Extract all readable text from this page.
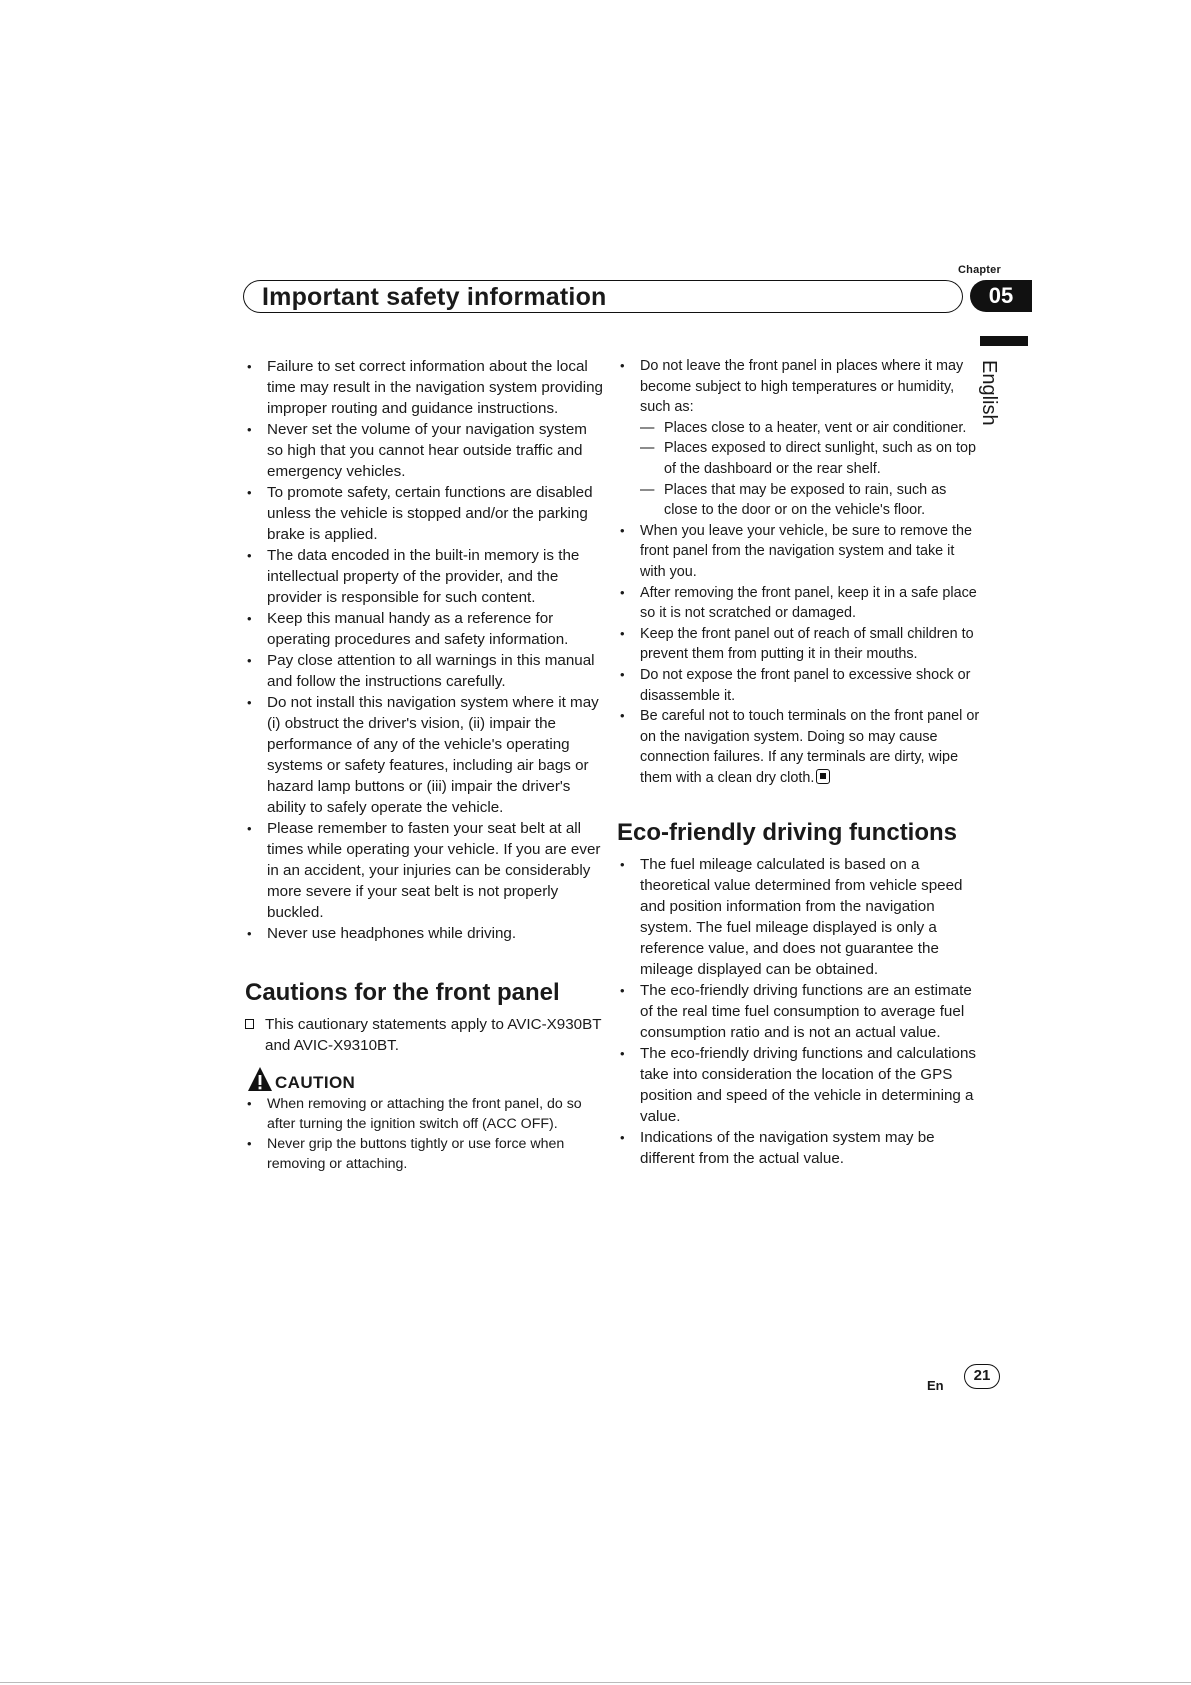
Chapter
Important safety information	05
English
• Failure to set correct information about the local time may result in the navigation system providing improper routing and guidance instructions.
• Never set the volume of your navigation system so high that you cannot hear outside traffic and emergency vehicles.
• To promote safety, certain functions are disabled unless the vehicle is stopped and/or the parking brake is applied.
• The data encoded in the built-in memory is the intellectual property of the provider, and the provider is responsible for such content.
• Keep this manual handy as a reference for operating procedures and safety information.
• Pay close attention to all warnings in this manual and follow the instructions carefully.
• Do not install this navigation system where it may (i) obstruct the driver's vision, (ii) impair the performance of any of the vehicle's operating systems or safety features, including air bags or hazard lamp buttons or (iii) impair the driver's ability to safely operate the vehicle.
• Please remember to fasten your seat belt at all times while operating your vehicle. If you are ever in an accident, your injuries can be considerably more severe if your seat belt is not properly buckled.
• Never use headphones while driving.
Cautions for the front panel
This cautionary statements apply to AVIC-X930BT and AVIC-X9310BT.
CAUTION
• When removing or attaching the front panel, do so after turning the ignition switch off (ACC OFF).
• Never grip the buttons tightly or use force when removing or attaching.
• Do not leave the front panel in places where it may become subject to high temperatures or humidity, such as:
— Places close to a heater, vent or air conditioner.
— Places exposed to direct sunlight, such as on top of the dashboard or the rear shelf.
— Places that may be exposed to rain, such as close to the door or on the vehicle's floor.
• When you leave your vehicle, be sure to remove the front panel from the navigation system and take it with you.
• After removing the front panel, keep it in a safe place so it is not scratched or damaged.
• Keep the front panel out of reach of small children to prevent them from putting it in their mouths.
• Do not expose the front panel to excessive shock or disassemble it.
• Be careful not to touch terminals on the front panel or on the navigation system. Doing so may cause connection failures. If any terminals are dirty, wipe them with a clean dry cloth.
Eco-friendly driving functions
• The fuel mileage calculated is based on a theoretical value determined from vehicle speed and position information from the navigation system. The fuel mileage displayed is only a reference value, and does not guarantee the mileage displayed can be obtained.
• The eco-friendly driving functions are an estimate of the real time fuel consumption to average fuel consumption ratio and is not an actual value.
• The eco-friendly driving functions and calculations take into consideration the location of the GPS position and speed of the vehicle in determining a value.
• Indications of the navigation system may be different from the actual value.
En
21
